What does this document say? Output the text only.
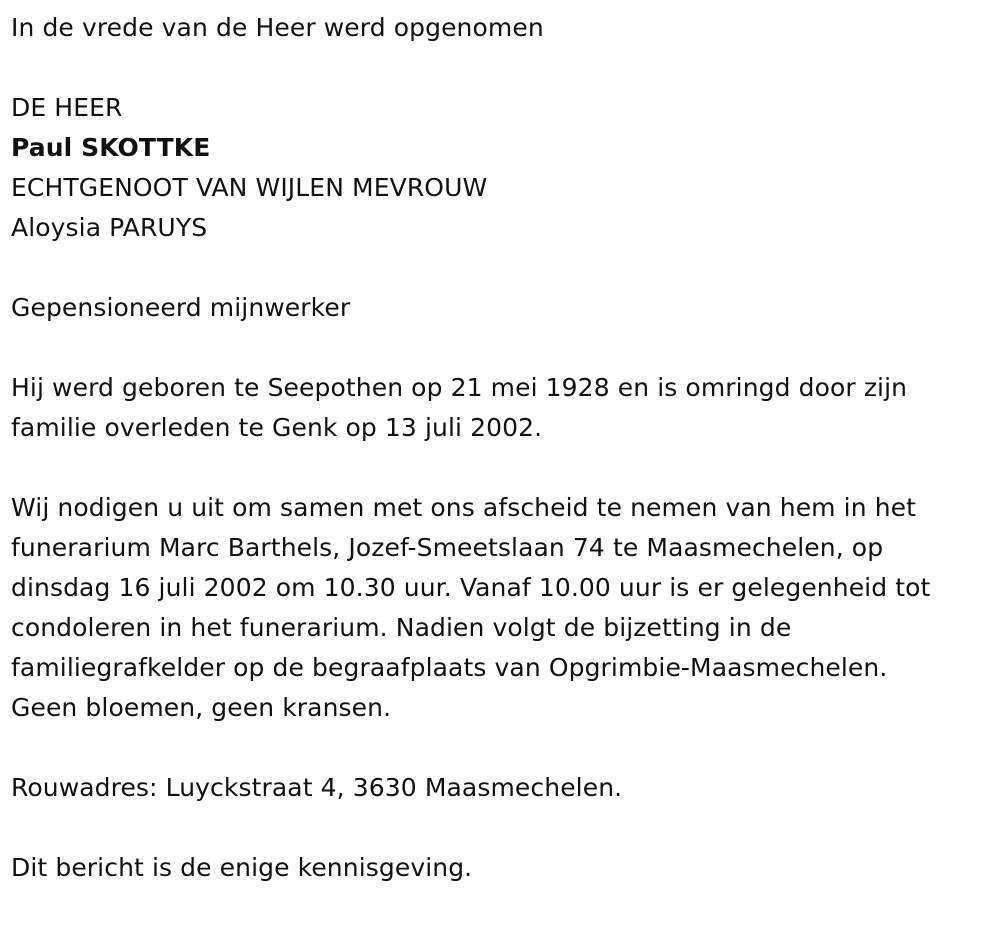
In de vrede van de Heer werd opgenomen

DE HEER

Paul SKOTTKE

ECHTGENOOT VAN WIJLEN MEVROUW

Aloysia PARUYS

Gepensioneerd mijnwerker

Hij werd geboren te Seepothen op 21 mei 1928 en is omringd door zijn

familie overleden te Genk op 13 juli 2002.

Wij nodigen u uit om samen met ons afscheid te nemen van hem in het

funerarium Marc Barthels, Jozef-Smeetslaan 74 te Maasmechelen, op

dinsdag 16 juli 2002 om 10.30 uur. Vanaf 10.00 uur is er gelegenheid tot

condoleren in het funerarium. Nadien volgt de bijzetting in de

familiegrafkelder op de begraafplaats van Opgrimbie-Maasmechelen.

Geen bloemen, geen kransen.

Rouwadres: Luyckstraat 4, 3630 Maasmechelen.

Dit bericht is de enige kennisgeving.
